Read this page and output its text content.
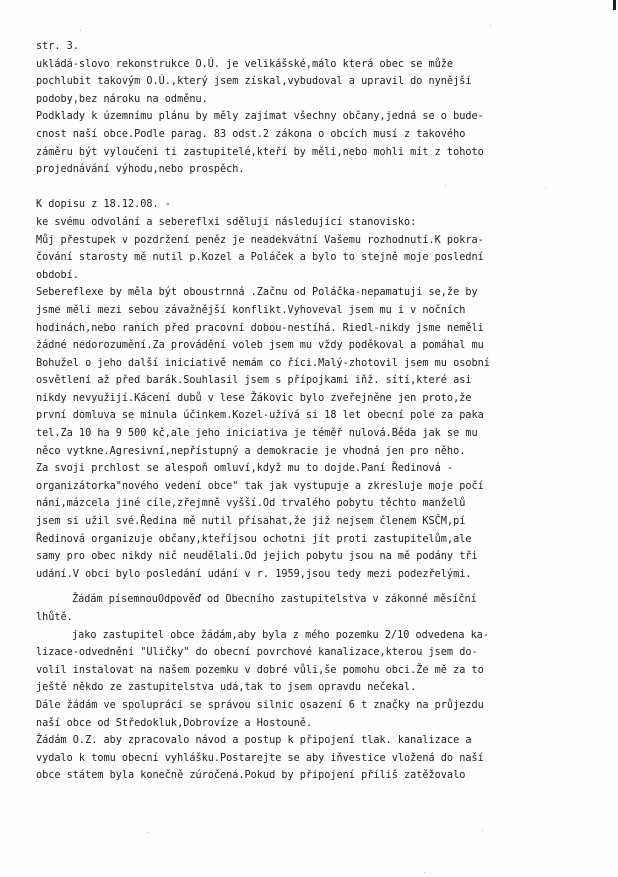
str. 3.
ukládá-slovo rekonstrukce O.Ú. je velikášské,málo která obec se může
pochlubit takovým O.Ú.,který jsem získal,vybudoval a upravil do nynější
podoby,bez nároku na odměnu.
Podklady k územnímu plánu by měly zajímat všechny občany,jedná se o bude-
cnost naší obce.Podle parag. 83 odst.2 zákona o obcích musí z takového
záměru být vyloučeni ti zastupitelé,kteří by měli,nebo mohli mít z tohoto
projednávání výhodu,nebo prospěch.
K dopisu z 18.12.08. -
ke svému odvolání a sebereflxi sděluji následující stanovisko:
Můj přestupek v pozdržení peněz je neadekvátní Vašemu rozhodnutí.K pokra-
čování starosty mě nutil p.Kozel a Poláček a bylo to stejně moje poslední
období.
Sebereflexe by měla být oboustrnná .Začnu od Poláčka-nepamatuji se,že by
jsme měli mezi sebou závažnější konflikt.Vyhoveval jsem mu i v nočních
hodinách,nebo raních před pracovní dobou-nestíhá. Riedl-nikdy jsme neměli
žádné nedorozumění.Za provádění voleb jsem mu vždy poděkoval a pomáhal mu
Bohužel o jeho další iniciativě nemám co říci.Malý-zhotovil jsem mu osobní
osvětlení až před barák.Souhlasil jsem s přípojkami iňž. sítí,které asi
nikdy nevyužijí.Kácení dubů v lese Žákovic bylo zveřejněne jen proto,že
první domluva se minula účinkem.Kozel-užívá si 18 let obecní pole za paka
tel.Za 10 ha 9 500 kč,ale jeho iniciativa je téměř nulová.Běda jak se mu
něco vytkne.Agresivní,nepřístupný a demokracie je vhodná jen pro něho.
Za svoji prchlost se alespoň omluví,když mu to dojde.Paní Ředinová -
organizátorka"nového vedení obce" tak jak vystupuje a zkresluje moje počí
nání,mázcela jiné cíle,zřejmně vyšší.Od trvalého pobytu těchto manželů
jsem si užil své.Ředina mě nutil přísahat,že již nejsem členem KSČM,pí
Ředinová organizuje občany,kteříjsou ochotni jít proti zastupitelům,ale
samy pro obec nikdy nič neudělali.Od jejich pobytu jsou na mě podány tři
udání.V obci bylo posledání udání v r. 1959,jsou tedy mezi podezřelými.
Žádám písemnouOdpověď od Obecního zastupitelstva v zákonné měsíční
lhůtě.
jako zastupitel obce žádám,aby byla z mého pozemku 2/10 odvedena ka-
lizace-odvednění "Uličky" do obecní povrchové kanalizace,kterou jsem do-
volil instalovat na našem pozemku v dobré vůli,še pomohu obci.Že mě za to
ještě někdo ze zastupitelstva udá,tak to jsem opravdu nečekal.
Dále žádám ve spolupráci se správou silnic osazení 6 t značky na průjezdu
naší obce od Středokluk,Dobrovíze a Hostouně.
Žádám O.Z. aby zpracovalo návod a postup k připojení tlak. kanalizace a
vydalo k tomu obecní vyhlášku.Postarejte se aby iňvestice vložená do naší
obce státem byla konečně zúročená.Pokud by připojení příliš zatěžovalo
